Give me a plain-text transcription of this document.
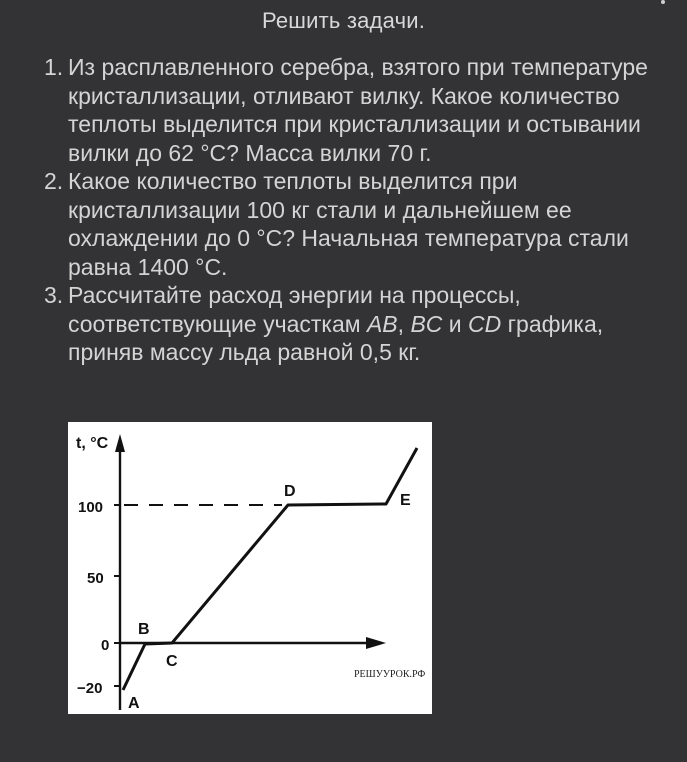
Решить задачи.
1. Из расплавленного серебра, взятого при температуре кристаллизации, отливают вилку. Какое количество теплоты выделится при кристаллизации и остывании вилки до 62 °С? Масса вилки 70 г.
2. Какое количество теплоты выделится при кристаллизации 100 кг стали и дальнейшем ее охлаждении до 0 °С? Начальная температура стали равна 1400 °С.
3. Рассчитайте расход энергии на процессы, соответствующие участкам AB, BC и CD графика, приняв массу льда равной 0,5 кг.
100
50
0
−20
t, °C
A
B
C
D
E
РЕШУУРОК.РФ
